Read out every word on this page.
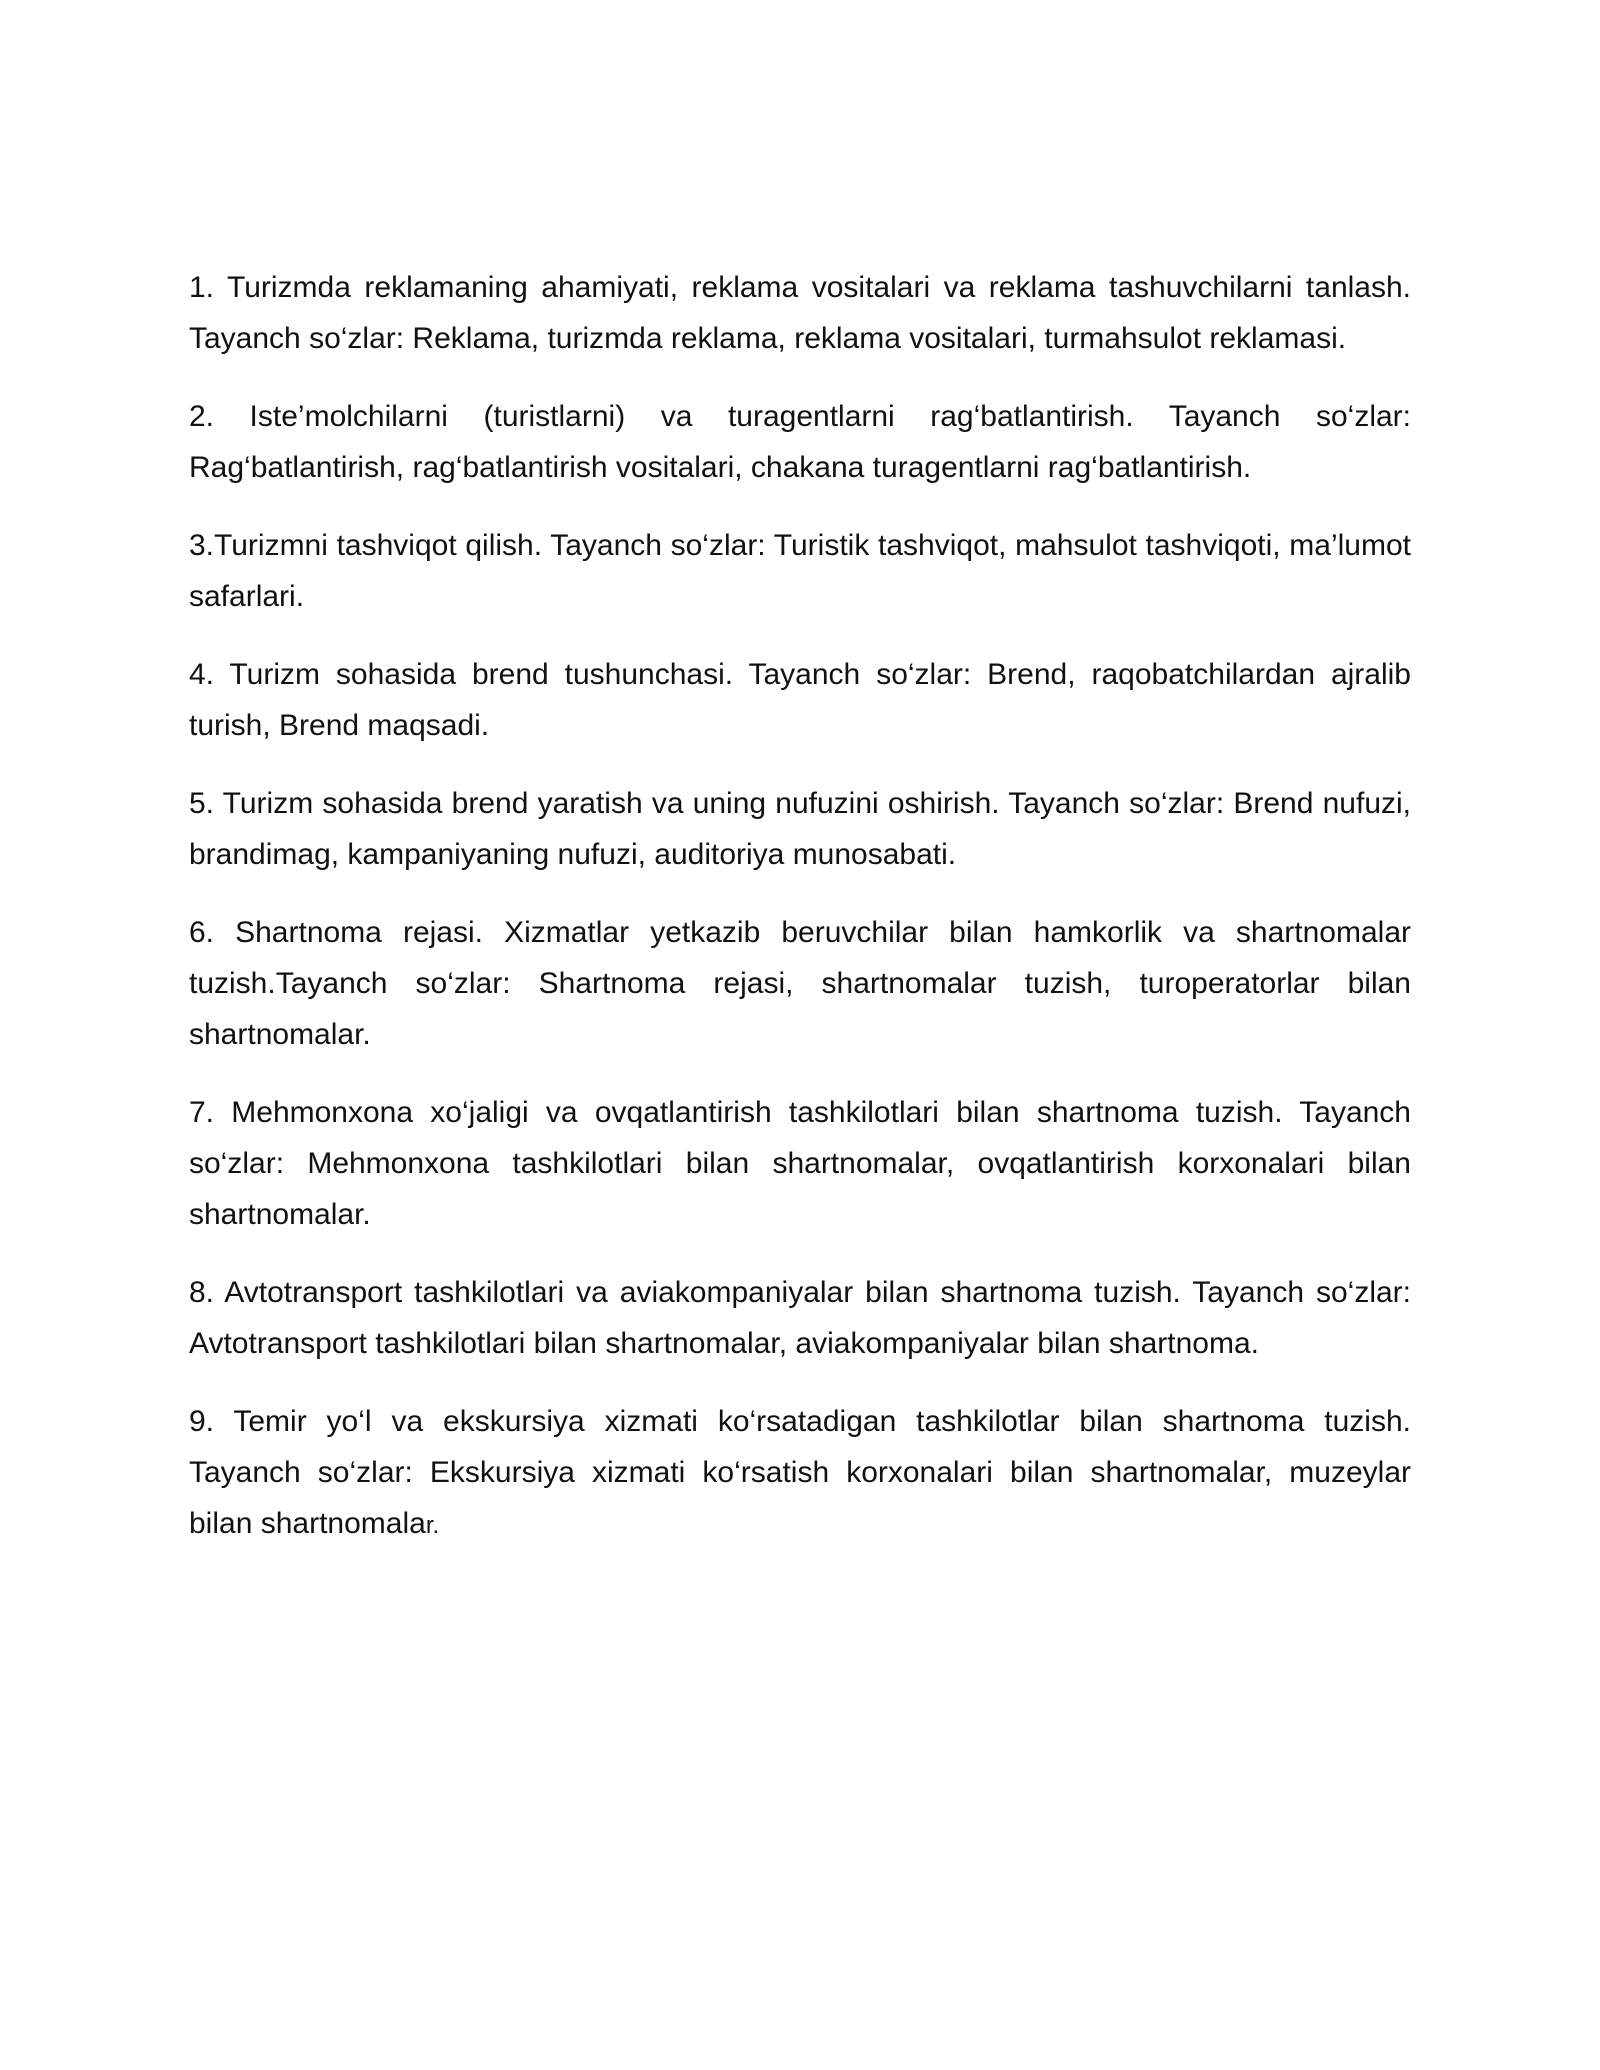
1. Turizmda reklamaning ahamiyati, reklama vositalari va reklama tashuvchilarni tanlash. Tayanch so‘zlar: Reklama, turizmda reklama, reklama vositalari, turmahsulot reklamasi.

2. Iste’molchilarni (turistlarni) va turagentlarni rag‘batlantirish. Tayanch so‘zlar: Rag‘batlantirish, rag‘batlantirish vositalari, chakana turagentlarni rag‘batlantirish.

3.Turizmni tashviqot qilish. Tayanch so‘zlar: Turistik tashviqot, mahsulot tashviqoti, ma’lumot safarlari.

4. Turizm sohasida brend tushunchasi. Tayanch so‘zlar: Brend, raqobatchilardan ajralib turish, Brend maqsadi.

5. Turizm sohasida brend yaratish va uning nufuzini oshirish. Tayanch so‘zlar: Brend nufuzi, brandimag, kampaniyaning nufuzi, auditoriya munosabati.

6. Shartnoma rejasi. Xizmatlar yetkazib beruvchilar bilan hamkorlik va shartnomalar tuzish.Tayanch so‘zlar: Shartnoma rejasi, shartnomalar tuzish, turoperatorlar bilan shartnomalar.

7. Mehmonxona xo‘jaligi va ovqatlantirish tashkilotlari bilan shartnoma tuzish. Tayanch so‘zlar: Mehmonxona tashkilotlari bilan shartnomalar, ovqatlantirish korxonalari bilan shartnomalar.

8. Avtotransport tashkilotlari va aviakompaniyalar bilan shartnoma tuzish. Tayanch so‘zlar: Avtotransport tashkilotlari bilan shartnomalar, aviakompaniyalar bilan shartnoma.

9. Temir yo‘l va ekskursiya xizmati ko‘rsatadigan tashkilotlar bilan shartnoma tuzish. Tayanch so‘zlar: Ekskursiya xizmati ko‘rsatish korxonalari bilan shartnomalar, muzeylar bilan shartnomalar.
